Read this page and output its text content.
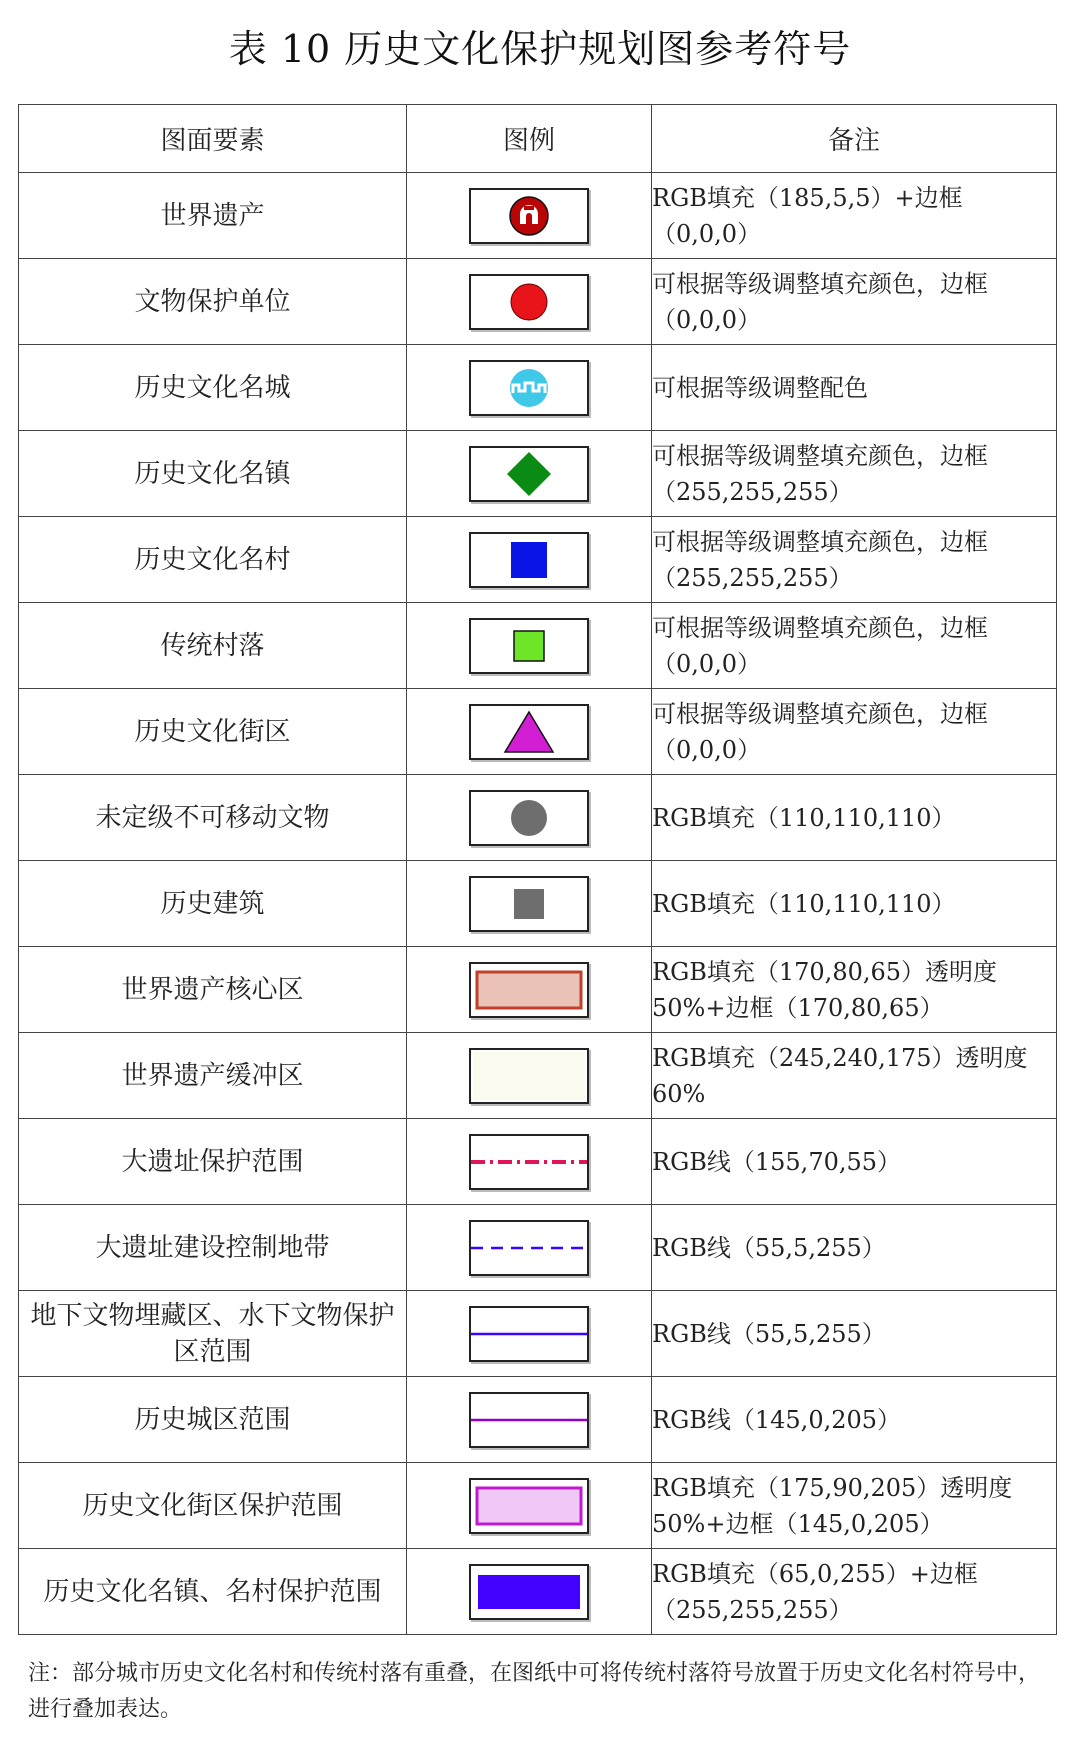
表 10 历史文化保护规划图参考符号
图面要素	图例	备注
世界遗产		RGB填充（185,5,5）+边框（0,0,0）
文物保护单位		可根据等级调整填充颜色，边框（0,0,0）
历史文化名城		可根据等级调整配色
历史文化名镇		可根据等级调整填充颜色，边框（255,255,255）
历史文化名村		可根据等级调整填充颜色，边框（255,255,255）
传统村落		可根据等级调整填充颜色，边框（0,0,0）
历史文化街区		可根据等级调整填充颜色，边框（0,0,0）
未定级不可移动文物		RGB填充（110,110,110）
历史建筑		RGB填充（110,110,110）
世界遗产核心区		RGB填充（170,80,65）透明度50%+边框（170,80,65）
世界遗产缓冲区		RGB填充（245,240,175）透明度60%
大遗址保护范围		RGB线（155,70,55）
大遗址建设控制地带		RGB线（55,5,255）
地下文物埋藏区、水下文物保护区范围		RGB线（55,5,255）
历史城区范围		RGB线（145,0,205）
历史文化街区保护范围		RGB填充（175,90,205）透明度50%+边框（145,0,205）
历史文化名镇、名村保护范围		RGB填充（65,0,255）+边框（255,255,255）
注：部分城市历史文化名村和传统村落有重叠，在图纸中可将传统村落符号放置于历史文化名村符号中，进行叠加表达。
